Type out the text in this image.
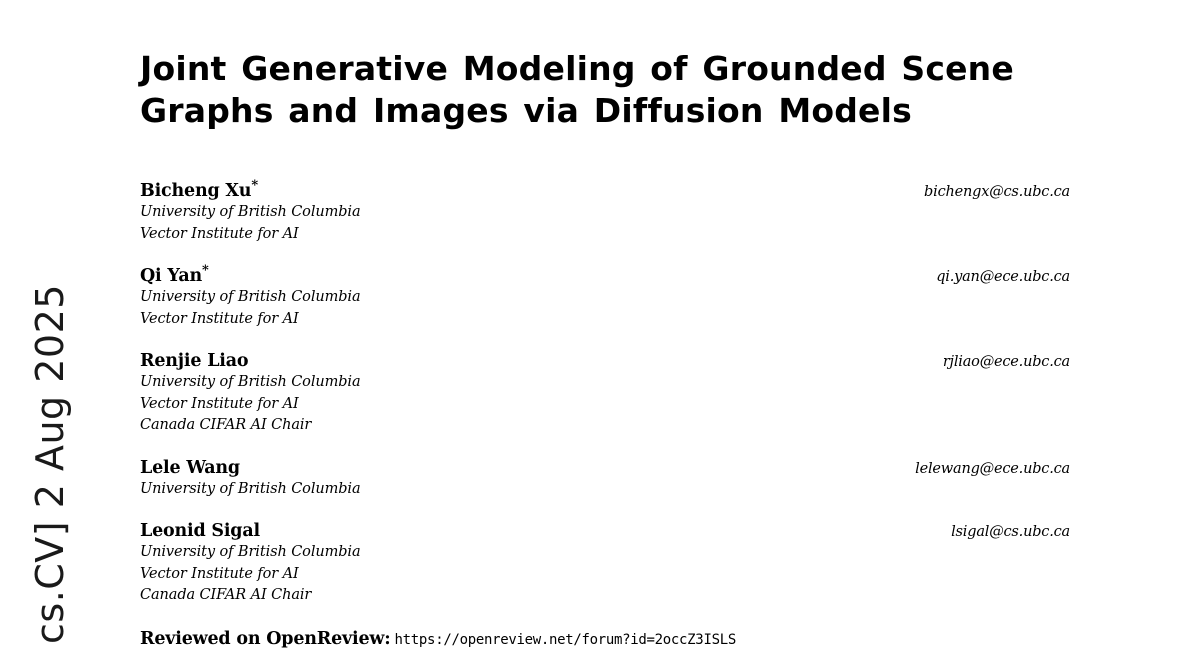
cs.CV] 2 Aug 2025
Joint Generative Modeling of Grounded Scene Graphs and Images via Diffusion Models
bichengx@cs.ubc.ca
Bicheng Xu*
University of British Columbia
Vector Institute for AI
qi.yan@ece.ubc.ca
Qi Yan*
University of British Columbia
Vector Institute for AI
rjliao@ece.ubc.ca
Renjie Liao
University of British Columbia
Vector Institute for AI
Canada CIFAR AI Chair
lelewang@ece.ubc.ca
Lele Wang
University of British Columbia
lsigal@cs.ubc.ca
Leonid Sigal
University of British Columbia
Vector Institute for AI
Canada CIFAR AI Chair
Reviewed on OpenReview: https://openreview.net/forum?id=2occZ3ISLS
